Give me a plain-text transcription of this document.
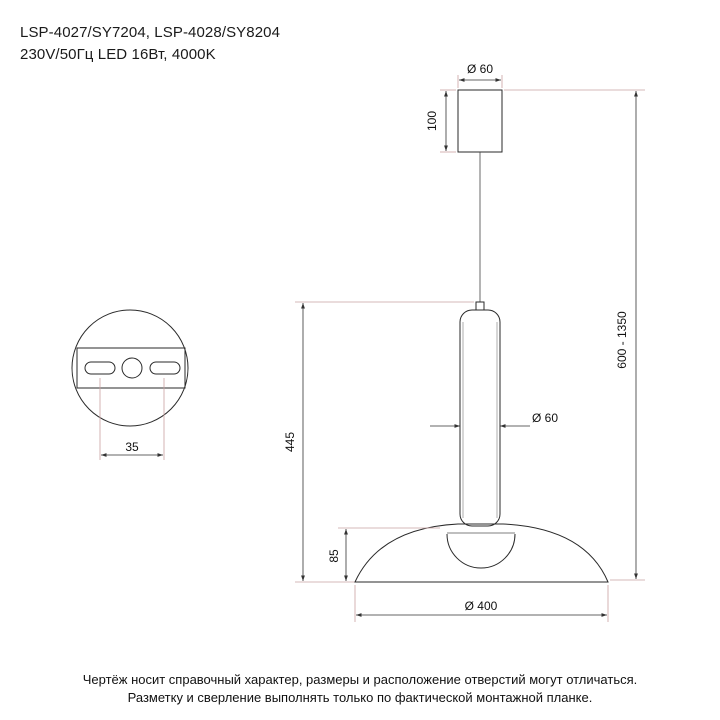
LSP-4027/SY7204, LSP-4028/SY8204
230V/50Гц LED 16Вт, 4000K
35
Ø 60
100
600 - 1350
Ø 60
445
85
Ø 400
Чертёж носит справочный характер, размеры и расположение отверстий могут отличаться.
Разметку и сверление выполнять только по фактической монтажной планке.
